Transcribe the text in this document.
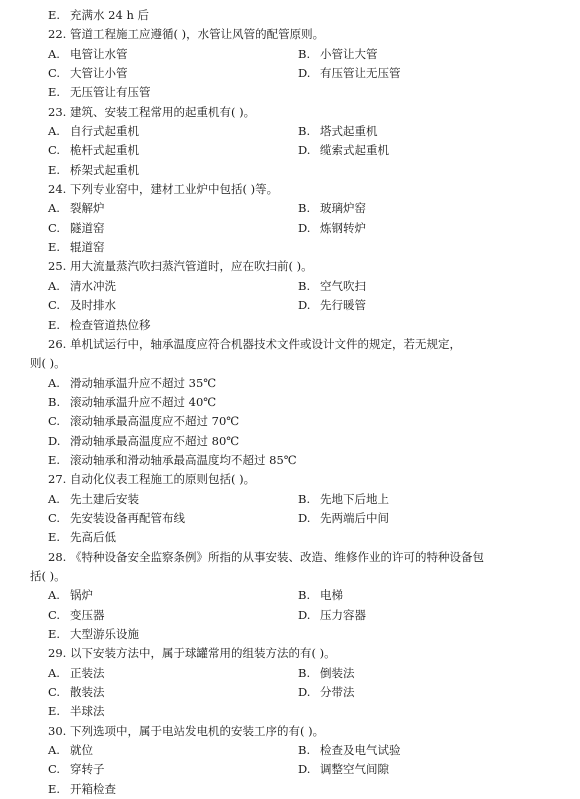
E. 充满水 24 h 后
22. 管道工程施工应遵循( )，水管让风管的配管原则。
A. 电管让水管	B. 小管让大管
C. 大管让小管	D. 有压管让无压管
E. 无压管让有压管
23. 建筑、安装工程常用的起重机有( )。
A. 自行式起重机	B. 塔式起重机
C. 桅杆式起重机	D. 缆索式起重机
E. 桥架式起重机
24. 下列专业窑中，建材工业炉中包括( )等。
A. 裂解炉	B. 玻璃炉窑
C. 隧道窑	D. 炼钢转炉
E. 辊道窑
25. 用大流量蒸汽吹扫蒸汽管道时，应在吹扫前( )。
A. 清水冲洗	B. 空气吹扫
C. 及时排水	D. 先行暖管
E. 检查管道热位移
26. 单机试运行中，轴承温度应符合机器技术文件或设计文件的规定，若无规定，
则( )。
A. 滑动轴承温升应不超过 35℃
B. 滚动轴承温升应不超过 40℃
C. 滚动轴承最高温度应不超过 70℃
D. 滑动轴承最高温度应不超过 80℃
E. 滚动轴承和滑动轴承最高温度均不超过 85℃
27. 自动化仪表工程施工的原则包括( )。
A. 先土建后安装	B. 先地下后地上
C. 先安装设备再配管布线	D. 先两端后中间
E. 先高后低
28. 《特种设备安全监察条例》所指的从事安装、改造、维修作业的许可的特种设备包
括( )。
A. 锅炉	B. 电梯
C. 变压器	D. 压力容器
E. 大型游乐设施
29. 以下安装方法中，属于球罐常用的组装方法的有( )。
A. 正装法	B. 倒装法
C. 散装法	D. 分带法
E. 半球法
30. 下列选项中，属于电站发电机的安装工序的有( )。
A. 就位	B. 检查及电气试验
C. 穿转子	D. 调整空气间隙
E. 开箱检查
